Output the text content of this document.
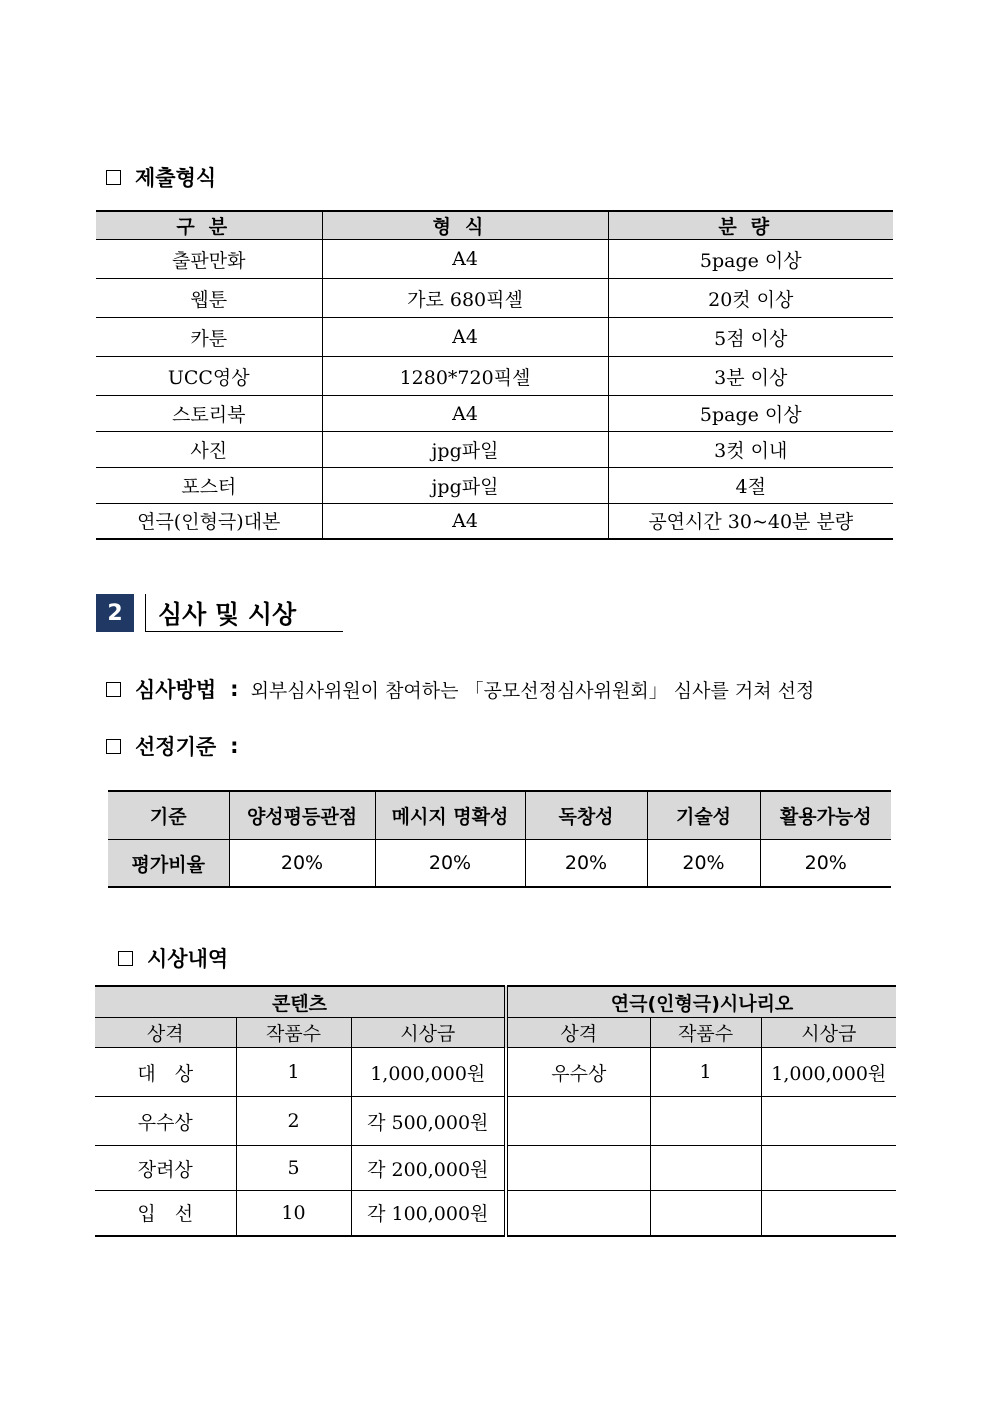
제출형식
구분	형식	분량
출판만화	A4	5page 이상
웹툰	가로 680픽셀	20컷 이상
카툰	A4	5점 이상
UCC영상	1280*720픽셀	3분 이상
스토리북	A4	5page 이상
사진	jpg파일	3컷 이내
포스터	jpg파일	4절
연극(인형극)대본	A4	공연시간 30~40분 분량
2	심사 및 시상
심사방법 : 외부심사위원이 참여하는 「공모선정심사위원회」 심사를 거쳐 선정
선정기준 :
기준	양성평등관점	메시지 명확성	독창성	기술성	활용가능성
평가비율	20%	20%	20%	20%	20%
시상내역
콘텐츠			연극(인형극)시나리오		
상격	작품수	시상금	상격	작품수	시상금
대　상	1	1,000,000원	우수상	1	1,000,000원
우수상	2	각 500,000원			
장려상	5	각 200,000원			
입　선	10	각 100,000원			
